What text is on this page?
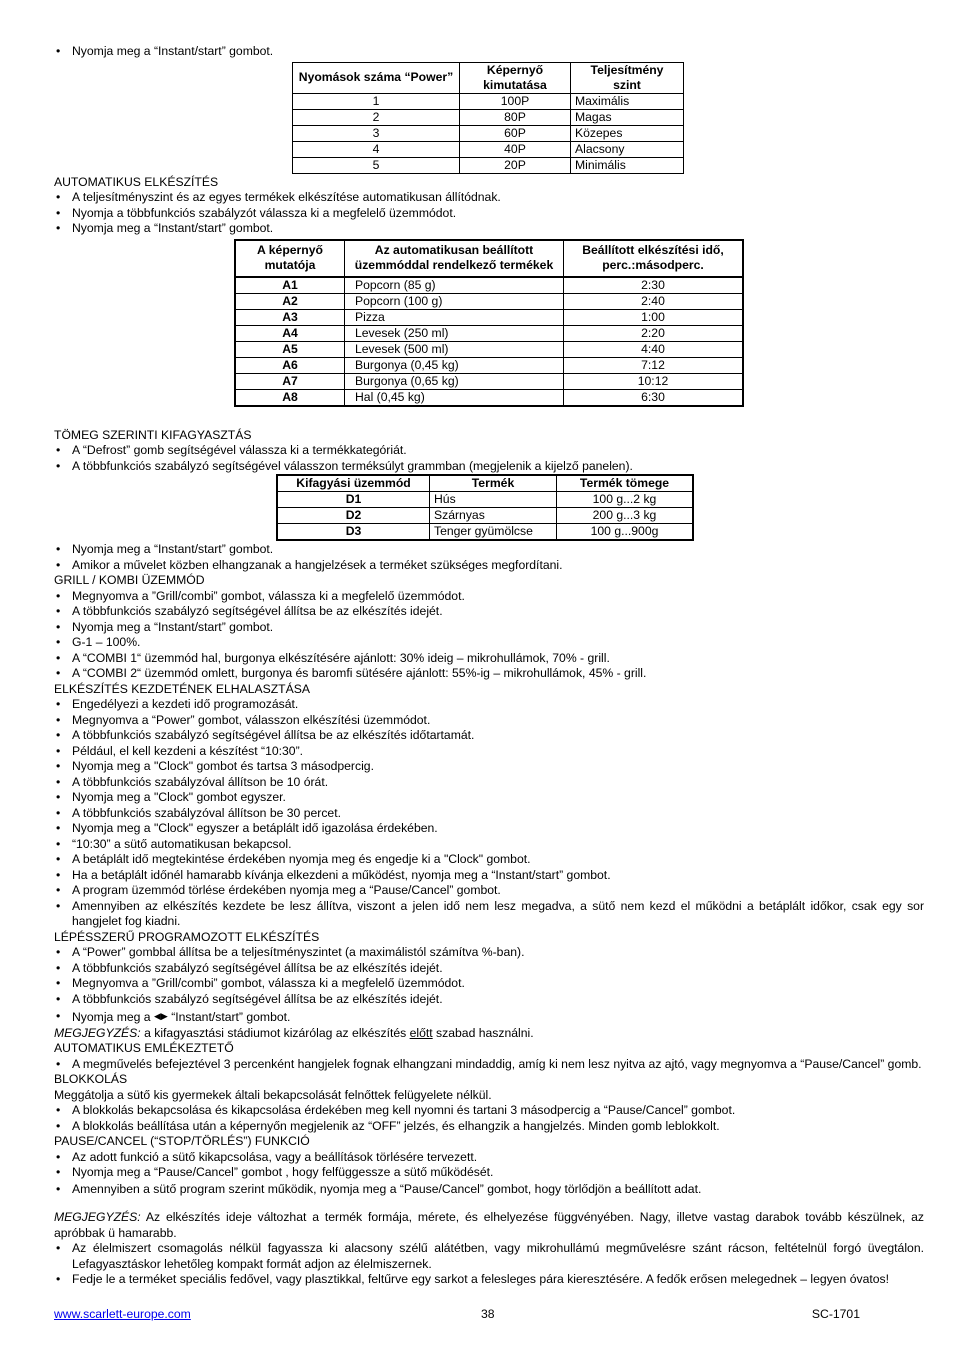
• Nyomja meg a “Instant/start” gombot.
Nyomások száma “Power”	Képernyő kimutatása	Teljesítmény szint
1	100P	Maximális
2	80P	Magas
3	60P	Közepes
4	40P	Alacsony
5	20P	Minimális
AUTOMATIKUS ELKÉSZÍTÉS
• A teljesítményszint és az egyes termékek elkészítése automatikusan állítódnak.
• Nyomja a többfunkciós szabályzót válassza ki a megfelelő üzemmódot.
• Nyomja meg a “Instant/start” gombot.
A képernyő mutatója	Az automatikusan beállított üzemmóddal rendelkező termékek	Beállított elkészítési idő, perc.:másodperc.
A1	Popcorn (85 g)	2:30
A2	Popcorn (100 g)	2:40
A3	Pizza	1:00
A4	Levesek (250 ml)	2:20
A5	Levesek (500 ml)	4:40
A6	Burgonya (0,45 kg)	7:12
A7	Burgonya (0,65 kg)	10:12
A8	Hal (0,45 kg)	6:30
TÖMEG SZERINTI KIFAGYASZTÁS
• A “Defrost” gomb segítségével válassza ki a termékkategóriát.
• A többfunkciós szabályzó segítségével válasszon terméksúlyt grammban (megjelenik a kijelző panelen).
Kifagyási üzemmód	Termék	Termék tömege
D1	Hús	100 g...2 kg
D2	Szárnyas	200 g...3 kg
D3	Tenger gyümölcse	100 g...900g
• Nyomja meg a “Instant/start” gombot.
• Amikor a művelet közben elhangzanak a hangjelzések a terméket szükséges megfordítani.
GRILL / KOMBI ÜZEMMÓD
• Megnyomva a ”Grill/combi” gombot, válassza ki a megfelelő üzemmódot.
• A többfunkciós szabályzó segítségével állítsa be az elkészítés idejét.
• Nyomja meg a “Instant/start” gombot.
• G-1 – 100%.
• A “COMBI 1“ üzemmód hal, burgonya elkészítésére ajánlott: 30% ideig – mikrohullámok, 70% - grill.
• A “COMBI 2“ üzemmód omlett, burgonya és baromfi sütésére ajánlott: 55%-ig – mikrohullámok, 45% - grill.
ELKÉSZÍTÉS KEZDETÉNEK ELHALASZTÁSA
• Engedélyezi a kezdeti idő programozását.
• Megnyomva a “Power” gombot, válasszon elkészítési üzemmódot.
• A többfunkciós szabályzó segítségével állítsa be az elkészítés időtartamát.
• Például, el kell kezdeni a készítést “10:30”.
• Nyomja meg a "Clock" gombot és tartsa 3 másodpercig.
• A többfunkciós szabályzóval állítson be 10 órát.
• Nyomja meg a "Clock" gombot egyszer.
• A többfunkciós szabályzóval állítson be 30 percet.
• Nyomja meg a "Clock" egyszer a betáplált idő igazolása érdekében.
• “10:30” a sütő automatikusan bekapcsol.
• A betáplált idő megtekintése érdekében nyomja meg és engedje ki a "Clock" gombot.
• Ha a betáplált időnél hamarabb kívánja elkezdeni a működést, nyomja meg a “Instant/start” gombot.
• A program üzemmód törlése érdekében nyomja meg a “Pause/Cancel” gombot.
• Amennyiben az elkészítés kezdete be lesz állítva, viszont a jelen idő nem lesz megadva, a sütő nem kezd el működni a betáplált időkor, csak egy sor hangjelet fog kiadni.
LÉPÉSSZERŰ PROGRAMOZOTT ELKÉSZÍTÉS
• A “Power” gombbal állítsa be a teljesítményszintet (a maximálistól számítva %-ban).
• A többfunkciós szabályzó segítségével állítsa be az elkészítés idejét.
• Megnyomva a ”Grill/combi” gombot, válassza ki a megfelelő üzemmódot.
• A többfunkciós szabályzó segítségével állítsa be az elkészítés idejét.
• Nyomja meg a ◀▶ “Instant/start” gombot.
MEGJEGYZÉS: a kifagyasztási stádiumot kizárólag az elkészítés előtt szabad használni.
AUTOMATIKUS EMLÉKEZTETŐ
• A megművelés befejeztével 3 percenként hangjelek fognak elhangzani mindaddig, amíg ki nem lesz nyitva az ajtó, vagy megnyomva a “Pause/Cancel” gomb.
BLOKKOLÁS
Meggátolja a sütő kis gyermekek általi bekapcsolását felnőttek felügyelete nélkül.
• A blokkolás bekapcsolása és kikapcsolása érdekében meg kell nyomni és tartani 3 másodpercig a “Pause/Cancel” gombot.
• A blokkolás beállítása után a képernyőn megjelenik az “OFF” jelzés, és elhangzik a hangjelzés. Minden gomb leblokkolt.
PAUSE/CANCEL (“STOP/TÖRLÉS”) FUNKCIÓ
• Az adott funkció a sütő kikapcsolása, vagy a beállítások törlésére tervezett.
• Nyomja meg a “Pause/Cancel” gombot , hogy felfüggessze a sütő működését.
• Amennyiben a sütő program szerint működik, nyomja meg a “Pause/Cancel” gombot, hogy törlődjön a beállított adat.
MEGJEGYZÉS: Az elkészítés ideje változhat a termék formája, mérete, és elhelyezése függvényében. Nagy, illetve vastag darabok tovább készülnek, az apróbbak ü hamarabb.
• Az élelmiszert csomagolás nélkül fagyassza ki alacsony szélű alátétben, vagy mikrohullámú megművelésre szánt rácson, feltételnül forgó üvegtálon. Lefagyasztáskor lehetőleg kompakt formát adjon az élelmiszernek.
• Fedje le a terméket speciális fedővel, vagy plasztikkal, feltűrve egy sarkot a felesleges pára kieresztésére. A fedők erősen melegednek – legyen óvatos!
www.scarlett-europe.com	38	SC-1701
